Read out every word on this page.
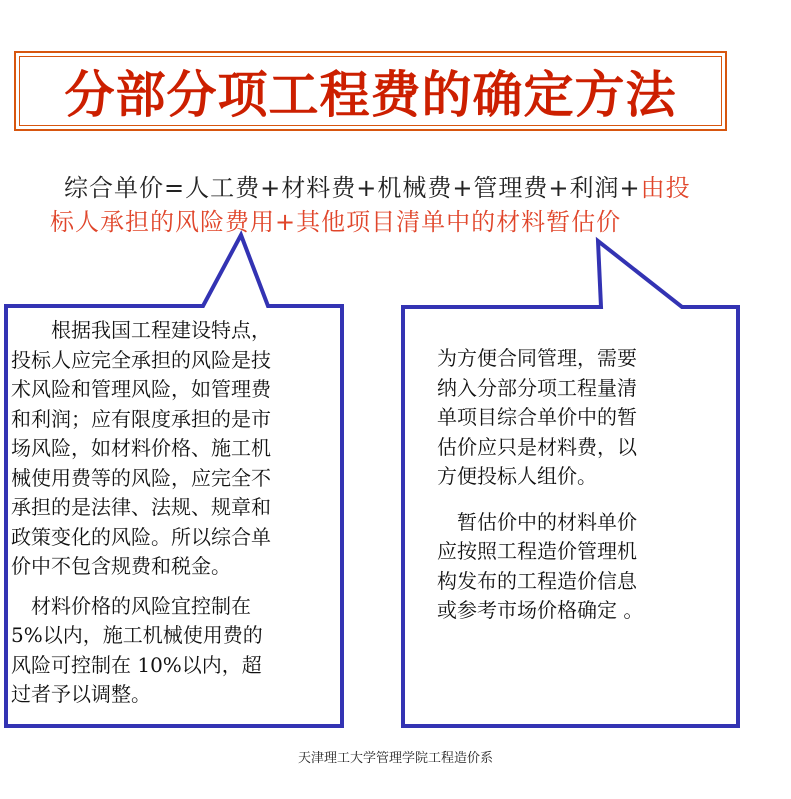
分部分项工程费的确定方法
综合单价=人工费+材料费+机械费+管理费+利润+由投
标人承担的风险费用+其他项目清单中的材料暂估价

　　根据我国工程建设特点，

投标人应完全承担的风险是技

术风险和管理风险，如管理费

和利润；应有限度承担的是市

场风险，如材料价格、施工机

械使用费等的风险，应完全不

承担的是法律、法规、规章和

政策变化的风险。所以综合单

价中不包含规费和税金。

　材料价格的风险宜控制在

5%以内，施工机械使用费的

风险可控制在 10%以内，超

过者予以调整。

为方便合同管理，需要

纳入分部分项工程量清

单项目综合单价中的暂

估价应只是材料费，以

方便投标人组价。

　暂估价中的材料单价

应按照工程造价管理机

构发布的工程造价信息

或参考市场价格确定 。

天津理工大学管理学院工程造价系
